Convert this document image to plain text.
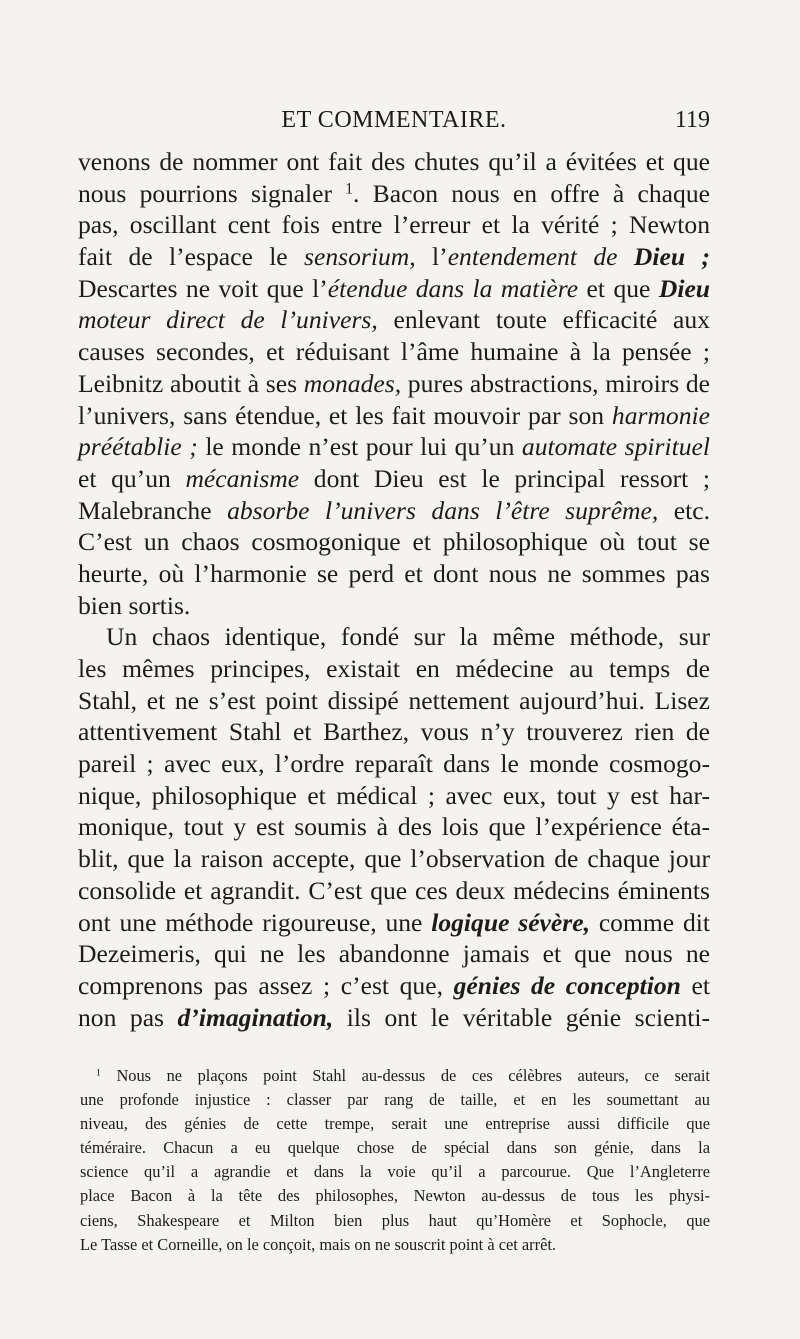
ET COMMENTAIRE.	119
venons de nommer ont fait des chutes qu’il a évitées et que
nous pourrions signaler $^1$. Bacon nous en offre à chaque
pas, oscillant cent fois entre l’erreur et la vérité ; Newton
fait de l’espace le sensorium, l’entendement de Dieu ;
Descartes ne voit que l’étendue dans la matière et que Dieu
moteur direct de l’univers, enlevant toute efficacité aux
causes secondes, et réduisant l’âme humaine à la pensée ;
Leibnitz aboutit à ses monades, pures abstractions, miroirs de
l’univers, sans étendue, et les fait mouvoir par son harmonie
préétablie ; le monde n’est pour lui qu’un automate spirituel
et qu’un mécanisme dont Dieu est le principal ressort ;
Malebranche absorbe l’univers dans l’être suprême, etc.
C’est un chaos cosmogonique et philosophique où tout se
heurte, où l’harmonie se perd et dont nous ne sommes pas
bien sortis.
Un chaos identique, fondé sur la même méthode, sur
les mêmes principes, existait en médecine au temps de
Stahl, et ne s’est point dissipé nettement aujourd’hui. Lisez
attentivement Stahl et Barthez, vous n’y trouverez rien de
pareil ; avec eux, l’ordre reparaît dans le monde cosmogo-
nique, philosophique et médical ; avec eux, tout y est har-
monique, tout y est soumis à des lois que l’expérience éta-
blit, que la raison accepte, que l’observation de chaque jour
consolide et agrandit. C’est que ces deux médecins éminents
ont une méthode rigoureuse, une logique sévère, comme dit
Dezeimeris, qui ne les abandonne jamais et que nous ne
comprenons pas assez ; c’est que, génies de conception et
non pas d’imagination, ils ont le véritable génie scienti-
$^1$ Nous ne plaçons point Stahl au-dessus de ces célèbres auteurs, ce serait
une profonde injustice : classer par rang de taille, et en les soumettant au
niveau, des génies de cette trempe, serait une entreprise aussi difficile que
téméraire. Chacun a eu quelque chose de spécial dans son génie, dans la
science qu’il a agrandie et dans la voie qu’il a parcourue. Que l’Angleterre
place Bacon à la tête des philosophes, Newton au-dessus de tous les physi-
ciens, Shakespeare et Milton bien plus haut qu’Homère et Sophocle, que
Le Tasse et Corneille, on le conçoit, mais on ne souscrit point à cet arrêt.
